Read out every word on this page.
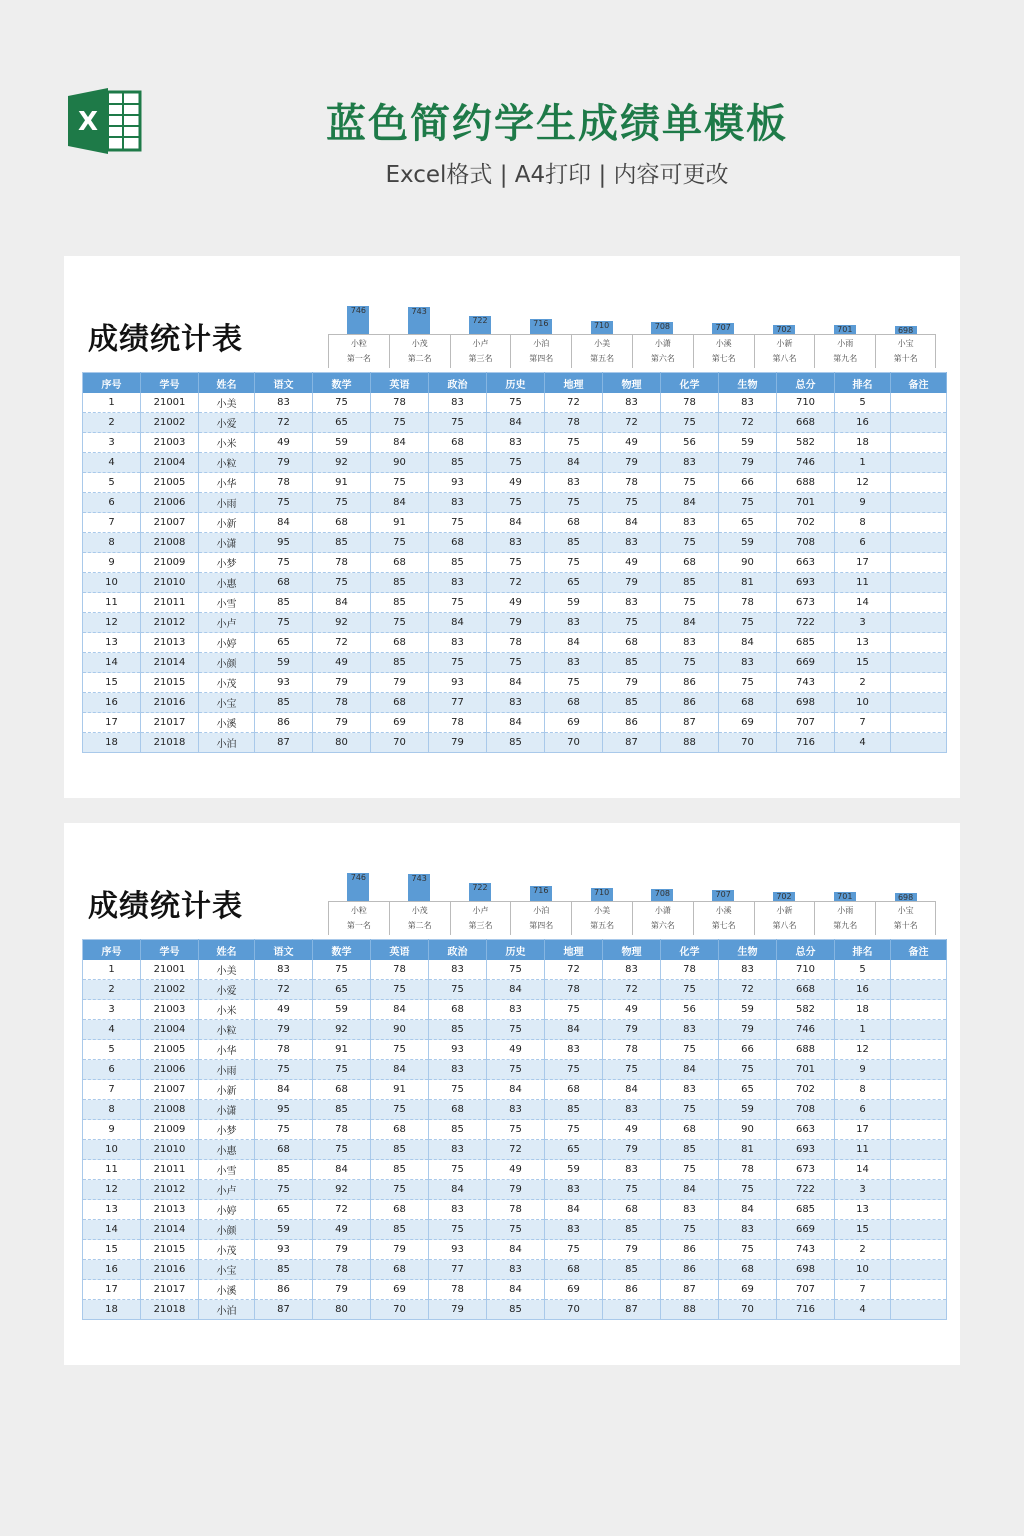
X	蓝色简约学生成绩单模板
Excel格式 | A4打印 | 内容可更改
成绩统计表
746
小粒
第一名
743
小茂
第二名
722
小卢
第三名
716
小泊
第四名
710
小美
第五名
708
小潇
第六名
707
小溪
第七名
702
小新
第八名
701
小雨
第九名
698
小宝
第十名
序号	学号	姓名	语文	数学	英语	政治	历史	地理	物理	化学	生物	总分	排名	备注
1	21001	小美	83	75	78	83	75	72	83	78	83	710	5	
2	21002	小爱	72	65	75	75	84	78	72	75	72	668	16	
3	21003	小米	49	59	84	68	83	75	49	56	59	582	18	
4	21004	小粒	79	92	90	85	75	84	79	83	79	746	1	
5	21005	小华	78	91	75	93	49	83	78	75	66	688	12	
6	21006	小雨	75	75	84	83	75	75	75	84	75	701	9	
7	21007	小新	84	68	91	75	84	68	84	83	65	702	8	
8	21008	小潇	95	85	75	68	83	85	83	75	59	708	6	
9	21009	小梦	75	78	68	85	75	75	49	68	90	663	17	
10	21010	小惠	68	75	85	83	72	65	79	85	81	693	11	
11	21011	小雪	85	84	85	75	49	59	83	75	78	673	14	
12	21012	小卢	75	92	75	84	79	83	75	84	75	722	3	
13	21013	小婷	65	72	68	83	78	84	68	83	84	685	13	
14	21014	小颜	59	49	85	75	75	83	85	75	83	669	15	
15	21015	小茂	93	79	79	93	84	75	79	86	75	743	2	
16	21016	小宝	85	78	68	77	83	68	85	86	68	698	10	
17	21017	小溪	86	79	69	78	84	69	86	87	69	707	7	
18	21018	小泊	87	80	70	79	85	70	87	88	70	716	4	
成绩统计表
746
小粒
第一名
743
小茂
第二名
722
小卢
第三名
716
小泊
第四名
710
小美
第五名
708
小潇
第六名
707
小溪
第七名
702
小新
第八名
701
小雨
第九名
698
小宝
第十名
序号	学号	姓名	语文	数学	英语	政治	历史	地理	物理	化学	生物	总分	排名	备注
1	21001	小美	83	75	78	83	75	72	83	78	83	710	5	
2	21002	小爱	72	65	75	75	84	78	72	75	72	668	16	
3	21003	小米	49	59	84	68	83	75	49	56	59	582	18	
4	21004	小粒	79	92	90	85	75	84	79	83	79	746	1	
5	21005	小华	78	91	75	93	49	83	78	75	66	688	12	
6	21006	小雨	75	75	84	83	75	75	75	84	75	701	9	
7	21007	小新	84	68	91	75	84	68	84	83	65	702	8	
8	21008	小潇	95	85	75	68	83	85	83	75	59	708	6	
9	21009	小梦	75	78	68	85	75	75	49	68	90	663	17	
10	21010	小惠	68	75	85	83	72	65	79	85	81	693	11	
11	21011	小雪	85	84	85	75	49	59	83	75	78	673	14	
12	21012	小卢	75	92	75	84	79	83	75	84	75	722	3	
13	21013	小婷	65	72	68	83	78	84	68	83	84	685	13	
14	21014	小颜	59	49	85	75	75	83	85	75	83	669	15	
15	21015	小茂	93	79	79	93	84	75	79	86	75	743	2	
16	21016	小宝	85	78	68	77	83	68	85	86	68	698	10	
17	21017	小溪	86	79	69	78	84	69	86	87	69	707	7	
18	21018	小泊	87	80	70	79	85	70	87	88	70	716	4	
